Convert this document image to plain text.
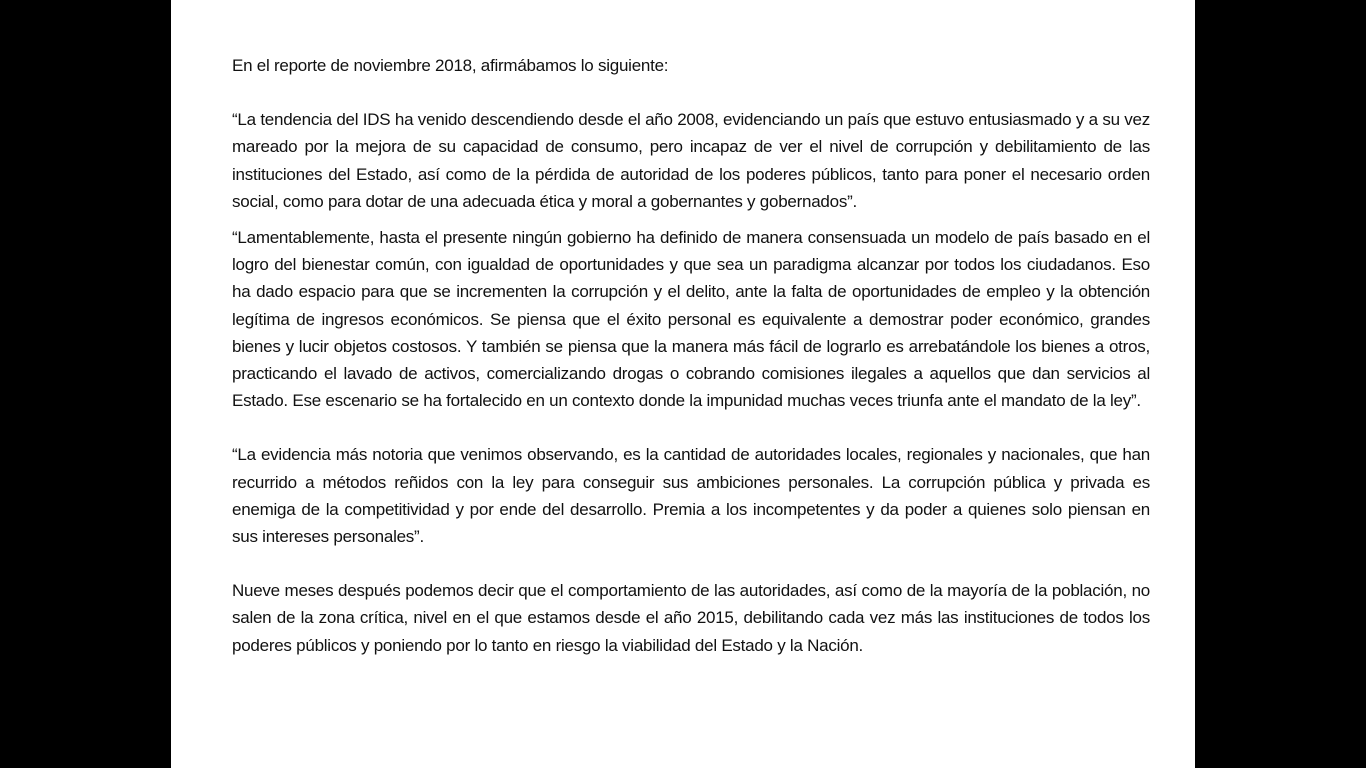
En el reporte de noviembre 2018, afirmábamos lo siguiente:

“La tendencia del IDS ha venido descendiendo desde el año 2008, evidenciando un país que estuvo entusiasmado y a su vez mareado por la mejora de su capacidad de consumo, pero incapaz de ver el nivel de corrupción y debilitamiento de las instituciones del Estado, así como de la pérdida de autoridad de los poderes públicos, tanto para poner el necesario orden social, como para dotar de una adecuada ética y moral a gobernantes y gobernados”.

“Lamentablemente, hasta el presente ningún gobierno ha definido de manera consensuada un modelo de país basado en el logro del bienestar común, con igualdad de oportunidades y que sea un paradigma alcanzar por todos los ciudadanos. Eso ha dado espacio para que se incrementen la corrupción y el delito, ante la falta de oportunidades de empleo y la obtención legítima de ingresos económicos. Se piensa que el éxito personal es equivalente a demostrar poder económico, grandes bienes y lucir objetos costosos. Y también se piensa que la manera más fácil de lograrlo es arrebatándole los bienes a otros, practicando el lavado de activos, comercializando drogas o cobrando comisiones ilegales a aquellos que dan servicios al Estado. Ese escenario se ha fortalecido en un contexto donde la impunidad muchas veces triunfa ante el mandato de la ley”.

“La evidencia más notoria que venimos observando, es la cantidad de autoridades locales, regionales y nacionales, que han recurrido a métodos reñidos con la ley para conseguir sus ambiciones personales. La corrupción pública y privada es enemiga de la competitividad y por ende del desarrollo. Premia a los incompetentes y da poder a quienes solo piensan en sus intereses personales”.

Nueve meses después podemos decir que el comportamiento de las autoridades, así como de la mayoría de la población, no salen de la zona crítica, nivel en el que estamos desde el año 2015, debilitando cada vez más las instituciones de todos los poderes públicos y poniendo por lo tanto en riesgo la viabilidad del Estado y la Nación.
